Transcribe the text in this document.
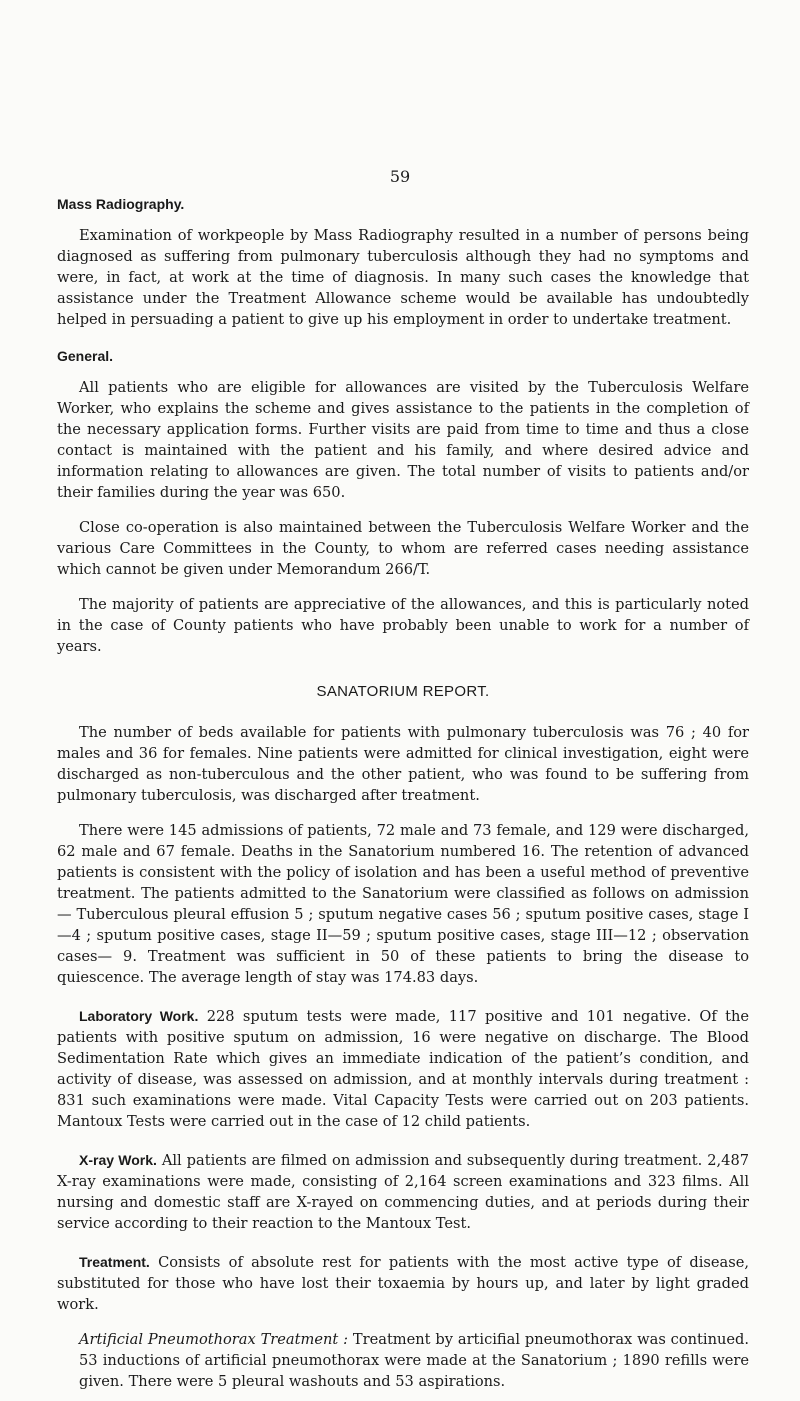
59
Mass Radiography.

Examination of workpeople by Mass Radiography resulted in a number of persons being diagnosed as suffering from pulmonary tuberculosis although they had no symptoms and were, in fact, at work at the time of diagnosis. In many such cases the knowledge that assistance under the Treatment Allowance scheme would be available has undoubtedly helped in persuading a patient to give up his employment in order to undertake treatment.

General.

All patients who are eligible for allowances are visited by the Tuberculosis Welfare Worker, who explains the scheme and gives assistance to the patients in the completion of the necessary application forms. Further visits are paid from time to time and thus a close contact is maintained with the patient and his family, and where desired advice and information relating to allowances are given. The total number of visits to patients and/or their families during the year was 650.

Close co-operation is also maintained between the Tuberculosis Welfare Worker and the various Care Committees in the County, to whom are referred cases needing assistance which cannot be given under Memorandum 266/T.

The majority of patients are appreciative of the allowances, and this is particularly noted in the case of County patients who have probably been unable to work for a number of years.

SANATORIUM REPORT.

The number of beds available for patients with pulmonary tuberculosis was 76 ; 40 for males and 36 for females. Nine patients were admitted for clinical investigation, eight were discharged as non-tuberculous and the other patient, who was found to be suffering from pulmonary tuberculosis, was discharged after treatment.

There were 145 admissions of patients, 72 male and 73 female, and 129 were discharged, 62 male and 67 female. Deaths in the Sanatorium numbered 16. The retention of advanced patients is consistent with the policy of isolation and has been a useful method of preventive treatment. The patients admitted to the Sanatorium were classified as follows on admission— Tuberculous pleural effusion 5 ; sputum negative cases 56 ; sputum positive cases, stage I—4 ; sputum positive cases, stage II—59 ; sputum positive cases, stage III—12 ; observation cases— 9. Treatment was sufficient in 50 of these patients to bring the disease to quiescence. The average length of stay was 174.83 days.

Laboratory Work. 228 sputum tests were made, 117 positive and 101 negative. Of the patients with positive sputum on admission, 16 were negative on discharge. The Blood Sedimentation Rate which gives an immediate indication of the patient’s condition, and activity of disease, was assessed on admission, and at monthly intervals during treatment : 831 such examinations were made. Vital Capacity Tests were carried out on 203 patients. Mantoux Tests were carried out in the case of 12 child patients.

X-ray Work. All patients are filmed on admission and subsequently during treatment. 2,487 X-ray examinations were made, consisting of 2,164 screen examinations and 323 films. All nursing and domestic staff are X-rayed on commencing duties, and at periods during their service according to their reaction to the Mantoux Test.

Treatment. Consists of absolute rest for patients with the most active type of disease, substituted for those who have lost their toxaemia by hours up, and later by light graded work.

Artificial Pneumothorax Treatment : Treatment by articifial pneumothorax was continued. 53 inductions of artificial pneumothorax were made at the Sanatorium ; 1890 refills were given. There were 5 pleural washouts and 53 aspirations.
